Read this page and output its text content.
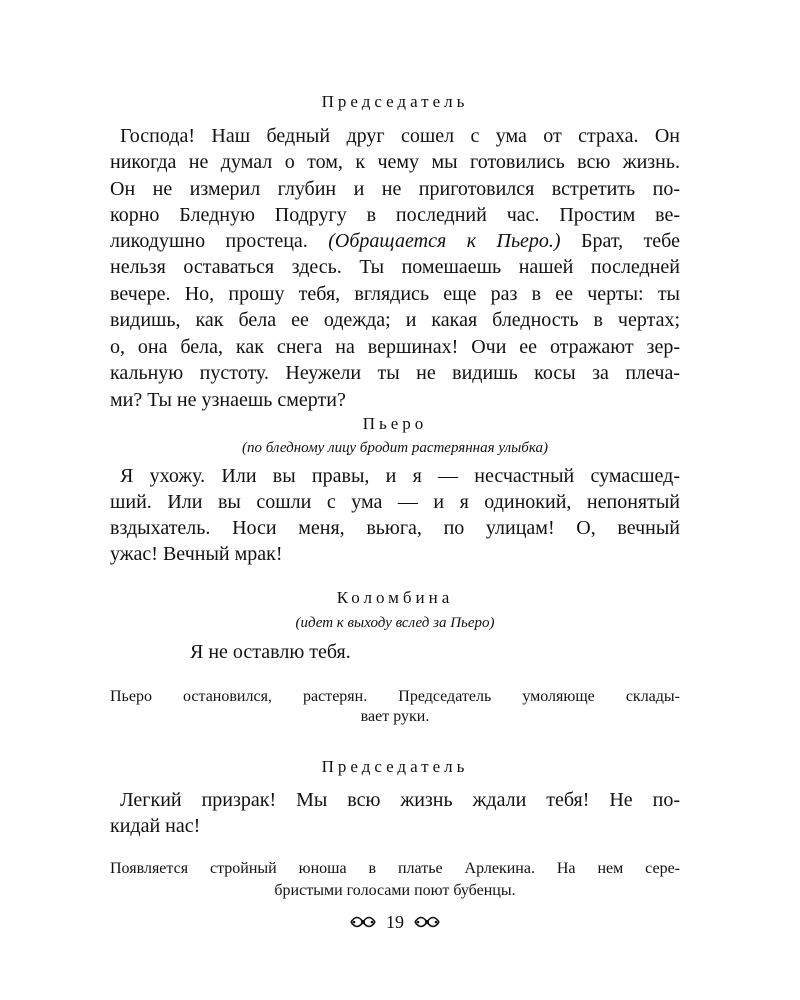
Председатель
Господа! Наш бедный друг сошел с ума от страха. Он
никогда не думал о том, к чему мы готовились всю жизнь.
Он не измерил глубин и не приготовился встретить по-
корно Бледную Подругу в последний час. Простим ве-
ликодушно простеца. (Обращается к Пьеро.) Брат, тебе
нельзя оставаться здесь. Ты помешаешь нашей последней
вечере. Но, прошу тебя, вглядись еще раз в ее черты: ты
видишь, как бела ее одежда; и какая бледность в чертах;
о, она бела, как снега на вершинах! Очи ее отражают зер-
кальную пустоту. Неужели ты не видишь косы за плеча-
ми? Ты не узнаешь смерти?
Пьеро
(по бледному лицу бродит растерянная улыбка)
Я ухожу. Или вы правы, и я — несчастный сумасшед-
ший. Или вы сошли с ума — и я одинокий, непонятый
вздыхатель. Носи меня, вьюга, по улицам! О, вечный
ужас! Вечный мрак!
Коломбина
(идет к выходу вслед за Пьеро)
Я не оставлю тебя.
Пьеро остановился, растерян. Председатель умоляюще склады-
вает руки.
Председатель
Легкий призрак! Мы всю жизнь ждали тебя! Не по-
кидай нас!
Появляется стройный юноша в платье Арлекина. На нем сере-
бристыми голосами поют бубенцы.
19
